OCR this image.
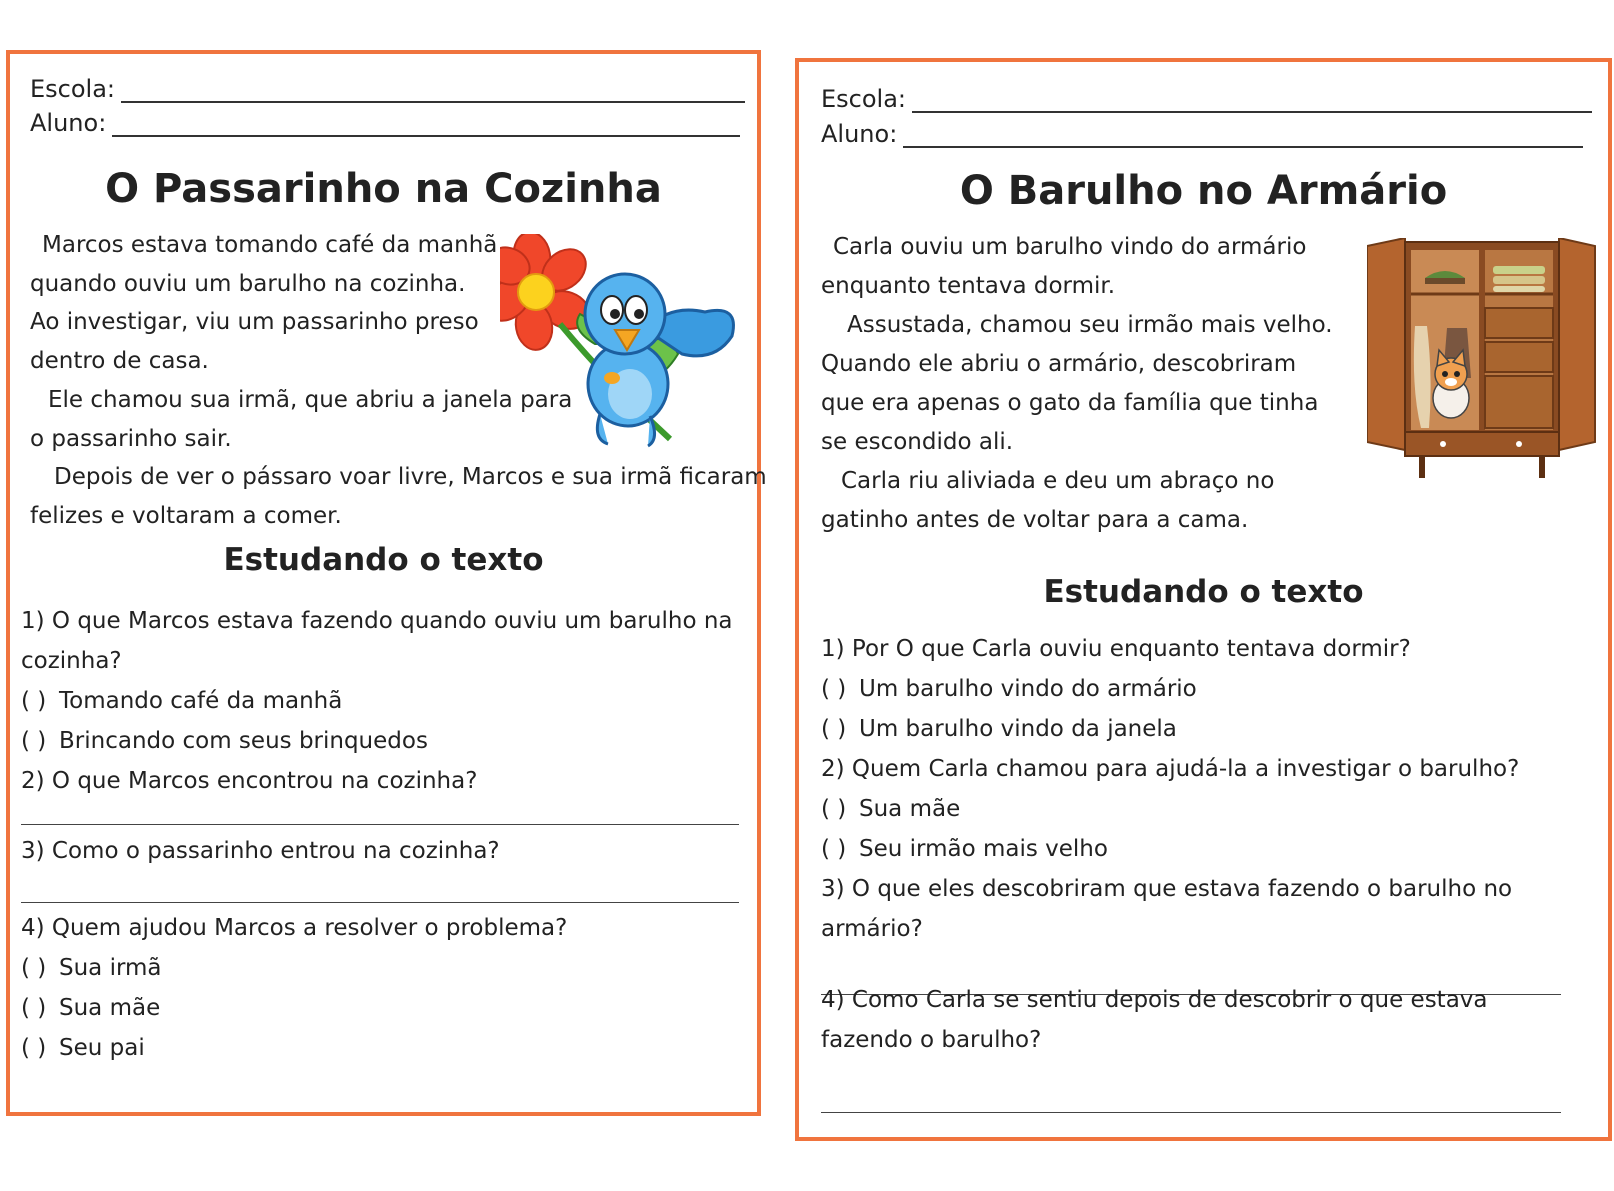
Escola:
Aluno:
O Passarinho na Cozinha
Marcos estava tomando café da manhã
quando ouviu um barulho na cozinha.
Ao investigar, viu um passarinho preso
dentro de casa.
Ele chamou sua irmã, que abriu a janela para
o passarinho sair.
Depois de ver o pássaro voar livre, Marcos e sua irmã ficaram
felizes e voltaram a comer.
Estudando o texto
1) O que Marcos estava fazendo quando ouviu um barulho na
cozinha?
( ) Tomando café da manhã
( ) Brincando com seus brinquedos
2) O que Marcos encontrou na cozinha?
3) Como o passarinho entrou na cozinha?
4) Quem ajudou Marcos a resolver o problema?
( ) Sua irmã
( ) Sua mãe
( ) Seu pai
Escola:
Aluno:
O Barulho no Armário
Carla ouviu um barulho vindo do armário
enquanto tentava dormir.
Assustada, chamou seu irmão mais velho.
Quando ele abriu o armário, descobriram
que era apenas o gato da família que tinha
se escondido ali.
Carla riu aliviada e deu um abraço no
gatinho antes de voltar para a cama.
Estudando o texto
1) Por O que Carla ouviu enquanto tentava dormir?
( ) Um barulho vindo do armário
( ) Um barulho vindo da janela
2) Quem Carla chamou para ajudá-la a investigar o barulho?
( ) Sua mãe
( ) Seu irmão mais velho
3) O que eles descobriram que estava fazendo o barulho no
armário?
4) Como Carla se sentiu depois de descobrir o que estava
fazendo o barulho?
